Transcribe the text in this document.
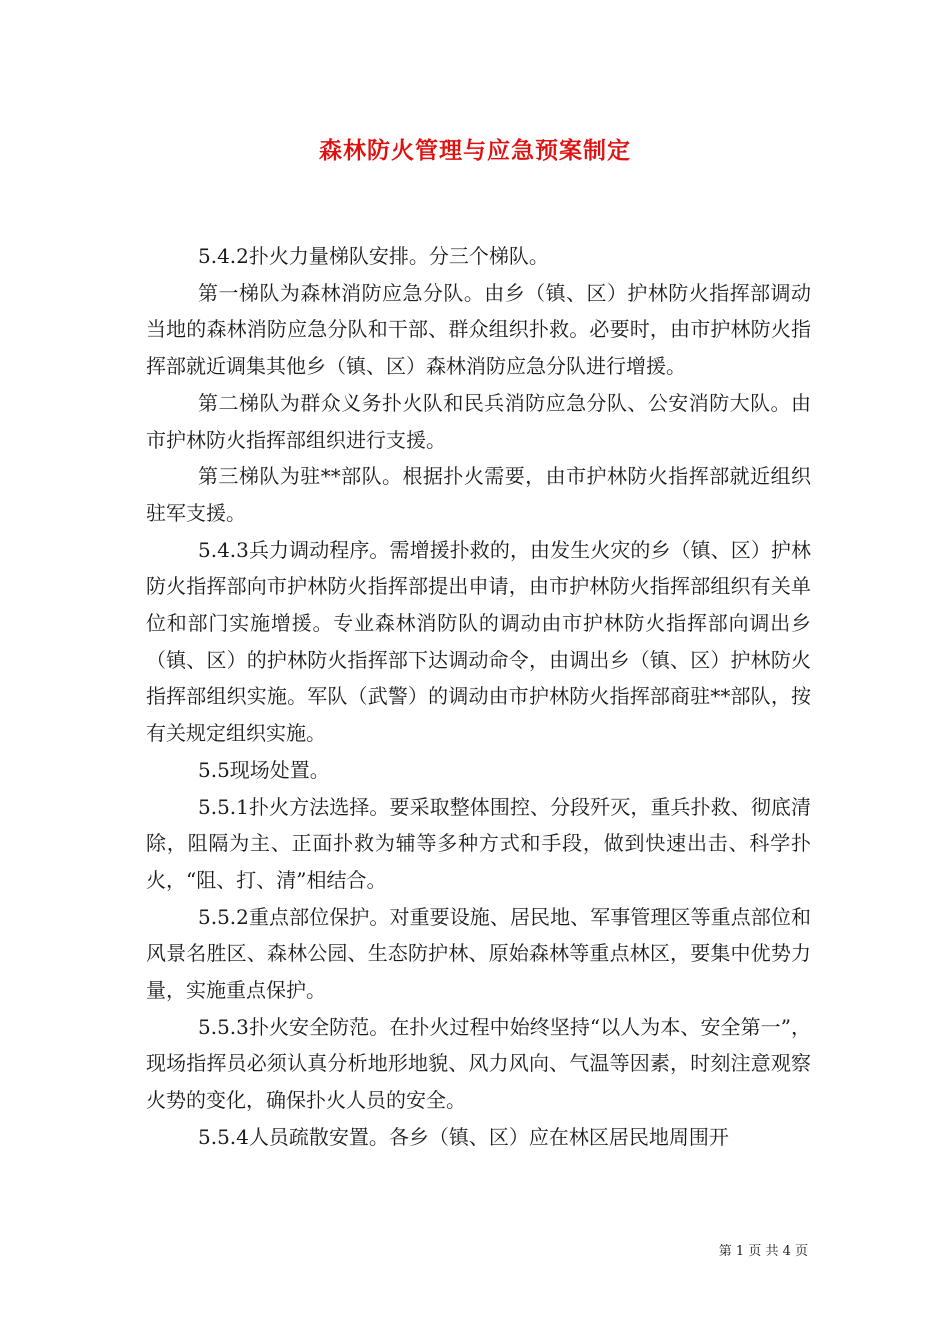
森林防火管理与应急预案制定

5.4.2扑火力量梯队安排。分三个梯队。

第一梯队为森林消防应急分队。由乡（镇、区）护林防火指挥部调动当地的森林消防应急分队和干部、群众组织扑救。必要时，由市护林防火指挥部就近调集其他乡（镇、区）森林消防应急分队进行增援。

第二梯队为群众义务扑火队和民兵消防应急分队、公安消防大队。由市护林防火指挥部组织进行支援。

第三梯队为驻**部队。根据扑火需要，由市护林防火指挥部就近组织驻军支援。

5.4.3兵力调动程序。需增援扑救的，由发生火灾的乡（镇、区）护林防火指挥部向市护林防火指挥部提出申请，由市护林防火指挥部组织有关单位和部门实施增援。专业森林消防队的调动由市护林防火指挥部向调出乡（镇、区）的护林防火指挥部下达调动命令，由调出乡（镇、区）护林防火指挥部组织实施。军队（武警）的调动由市护林防火指挥部商驻**部队，按有关规定组织实施。

5.5现场处置。

5.5.1扑火方法选择。要采取整体围控、分段歼灭，重兵扑救、彻底清除，阻隔为主、正面扑救为辅等多种方式和手段，做到快速出击、科学扑火，“阻、打、清”相结合。

5.5.2重点部位保护。对重要设施、居民地、军事管理区等重点部位和风景名胜区、森林公园、生态防护林、原始森林等重点林区，要集中优势力量，实施重点保护。

5.5.3扑火安全防范。在扑火过程中始终坚持“以人为本、安全第一”，现场指挥员必须认真分析地形地貌、风力风向、气温等因素，时刻注意观察火势的变化，确保扑火人员的安全。

5.5.4人员疏散安置。各乡（镇、区）应在林区居民地周围开

第 1 页 共 4 页
